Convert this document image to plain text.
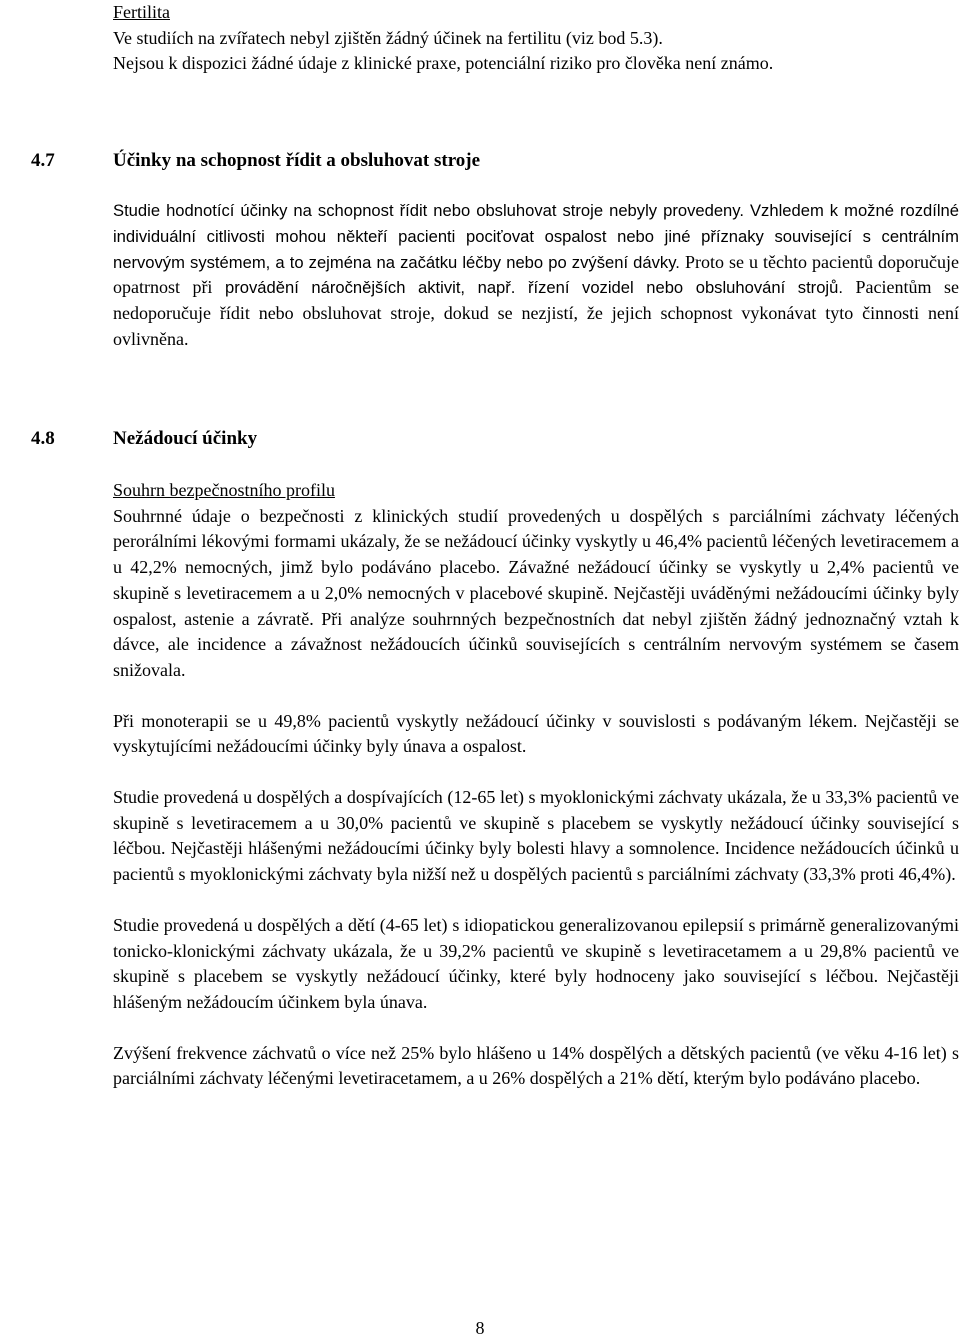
Fertilita

Ve studiích na zvířatech nebyl zjištěn žádný účinek na fertilitu (viz bod 5.3).

Nejsou k dispozici žádné údaje z klinické praxe, potenciální riziko pro člověka není známo.

4.7	Účinky na schopnost řídit a obsluhovat stroje

Studie hodnotící účinky na schopnost řídit nebo obsluhovat stroje nebyly provedeny. Vzhledem k možné rozdílné individuální citlivosti mohou někteří pacienti pociťovat ospalost nebo jiné příznaky související s centrálním nervovým systémem, a to zejména na začátku léčby nebo po zvýšení dávky. Proto se u těchto pacientů doporučuje opatrnost při provádění náročnějších aktivit, např. řízení vozidel nebo obsluhování strojů. Pacientům se nedoporučuje řídit nebo obsluhovat stroje, dokud se nezjistí, že jejich schopnost vykonávat tyto činnosti není ovlivněna.

4.8	Nežádoucí účinky
Souhrn bezpečnostního profilu

Souhrnné údaje o bezpečnosti z klinických studií provedených u dospělých s parciálními záchvaty léčených perorálními lékovými formami ukázaly, že se nežádoucí účinky vyskytly u 46,4% pacientů léčených levetiracemem a u 42,2% nemocných, jimž bylo podáváno placebo. Závažné nežádoucí účinky se vyskytly u 2,4% pacientů ve skupině s levetiracemem a u 2,0% nemocných v placebové skupině. Nejčastěji uváděnými nežádoucími účinky byly ospalost, astenie a závratě. Při analýze souhrnných bezpečnostních dat nebyl zjištěn žádný jednoznačný vztah k dávce, ale incidence a závažnost nežádoucích účinků souvisejících s centrálním nervovým systémem se časem snižovala.

Při monoterapii se u 49,8% pacientů vyskytly nežádoucí účinky v souvislosti s podávaným lékem. Nejčastěji se vyskytujícími nežádoucími účinky byly únava a ospalost.

Studie provedená u dospělých a dospívajících (12-65 let) s myoklonickými záchvaty ukázala, že u 33,3% pacientů ve skupině s levetiracemem a u 30,0% pacientů ve skupině s placebem se vyskytly nežádoucí účinky související s léčbou. Nejčastěji hlášenými nežádoucími účinky byly bolesti hlavy a somnolence. Incidence nežádoucích účinků u pacientů s myoklonickými záchvaty byla nižší než u dospělých pacientů s parciálními záchvaty (33,3% proti 46,4%).

Studie provedená u dospělých a dětí (4-65 let) s idiopatickou generalizovanou epilepsií s primárně generalizovanými tonicko-klonickými záchvaty ukázala, že u 39,2% pacientů ve skupině s levetiracetamem a u 29,8% pacientů ve skupině s placebem se vyskytly nežádoucí účinky, které byly hodnoceny jako související s léčbou. Nejčastěji hlášeným nežádoucím účinkem byla únava.

Zvýšení frekvence záchvatů o více než 25% bylo hlášeno u 14% dospělých a dětských pacientů (ve věku 4-16 let) s parciálními záchvaty léčenými levetiracetamem, a u 26% dospělých a 21% dětí, kterým bylo podáváno placebo.

8
